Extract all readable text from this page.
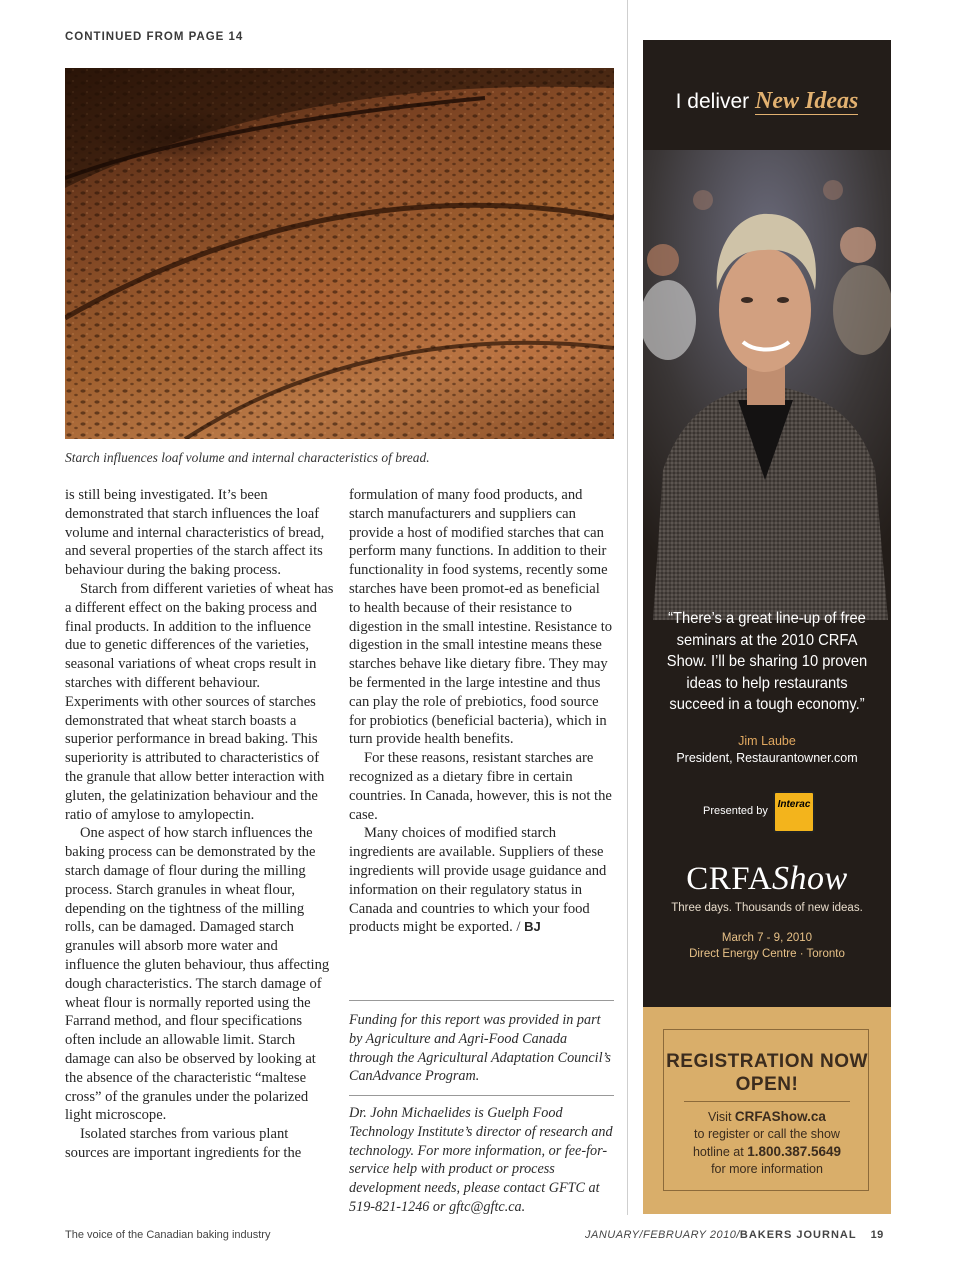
CONTINUED FROM PAGE 14
Starch influences loaf volume and internal characteristics of bread.

is still being investigated. It’s been demonstrated that starch influences the loaf volume and internal characteristics of bread, and several properties of the starch affect its behaviour during the baking process.

Starch from different varieties of wheat has a different effect on the baking process and final products. In addition to the influence due to genetic differences of the varieties, seasonal variations of wheat crops result in starches with different behaviour. Experiments with other sources of starches demonstrated that wheat starch boasts a superior performance in bread baking. This superiority is attributed to characteristics of the granule that allow better interaction with gluten, the gelatinization behaviour and the ratio of amylose to amylopectin.

One aspect of how starch influences the baking process can be demonstrated by the starch damage of flour during the milling process. Starch granules in wheat flour, depending on the tightness of the milling rolls, can be damaged. Damaged starch granules will absorb more water and influence the gluten behaviour, thus affecting dough characteristics. The starch damage of wheat flour is normally reported using the Farrand method, and flour specifications often include an allowable limit. Starch damage can also be observed by looking at the absence of the characteristic “maltese cross” of the granules under the polarized light microscope.

Isolated starches from various plant sources are important ingredients for the

formulation of many food products, and starch manufacturers and suppliers can provide a host of modified starches that can perform many functions. In addition to their functionality in food systems, recently some starches have been promot-ed as beneficial to health because of their resistance to digestion in the small intestine. Resistance to digestion in the small intestine means these starches behave like dietary fibre. They may be fermented in the large intestine and thus can play the role of prebiotics, food source for probiotics (beneficial bacteria), which in turn provide health benefits.

For these reasons, resistant starches are recognized as a dietary fibre in certain countries. In Canada, however, this is not the case.

Many choices of modified starch ingredients are available. Suppliers of these ingredients will provide usage guidance and information on their regulatory status in Canada and countries to which your food products might be exported. / BJ

Funding for this report was provided in part by Agriculture and Agri-Food Canada through the Agricultural Adaptation Council’s CanAdvance Program.
Dr. John Michaelides is Guelph Food Technology Institute’s director of research and technology. For more information, or fee-for-service help with product or process development needs, please contact GFTC at 519-821-1246 or gftc@gftc.ca.
I deliver New Ideas
“There’s a great line-up of free seminars at the 2010 CRFA Show. I’ll be sharing 10 proven ideas to help restaurants succeed in a tough economy.”
Jim Laube
President, Restaurantowner.com
Presented by
Interac
CRFAShow
Three days. Thousands of new ideas.
March 7 - 9, 2010
Direct Energy Centre · Toronto
REGISTRATION NOW OPEN!
Visit CRFAShow.ca
to register or call the show
hotline at 1.800.387.5649
for more information
The voice of the Canadian baking industry	JANUARY/FEBRUARY 2010/BAKERS JOURNAL 19
